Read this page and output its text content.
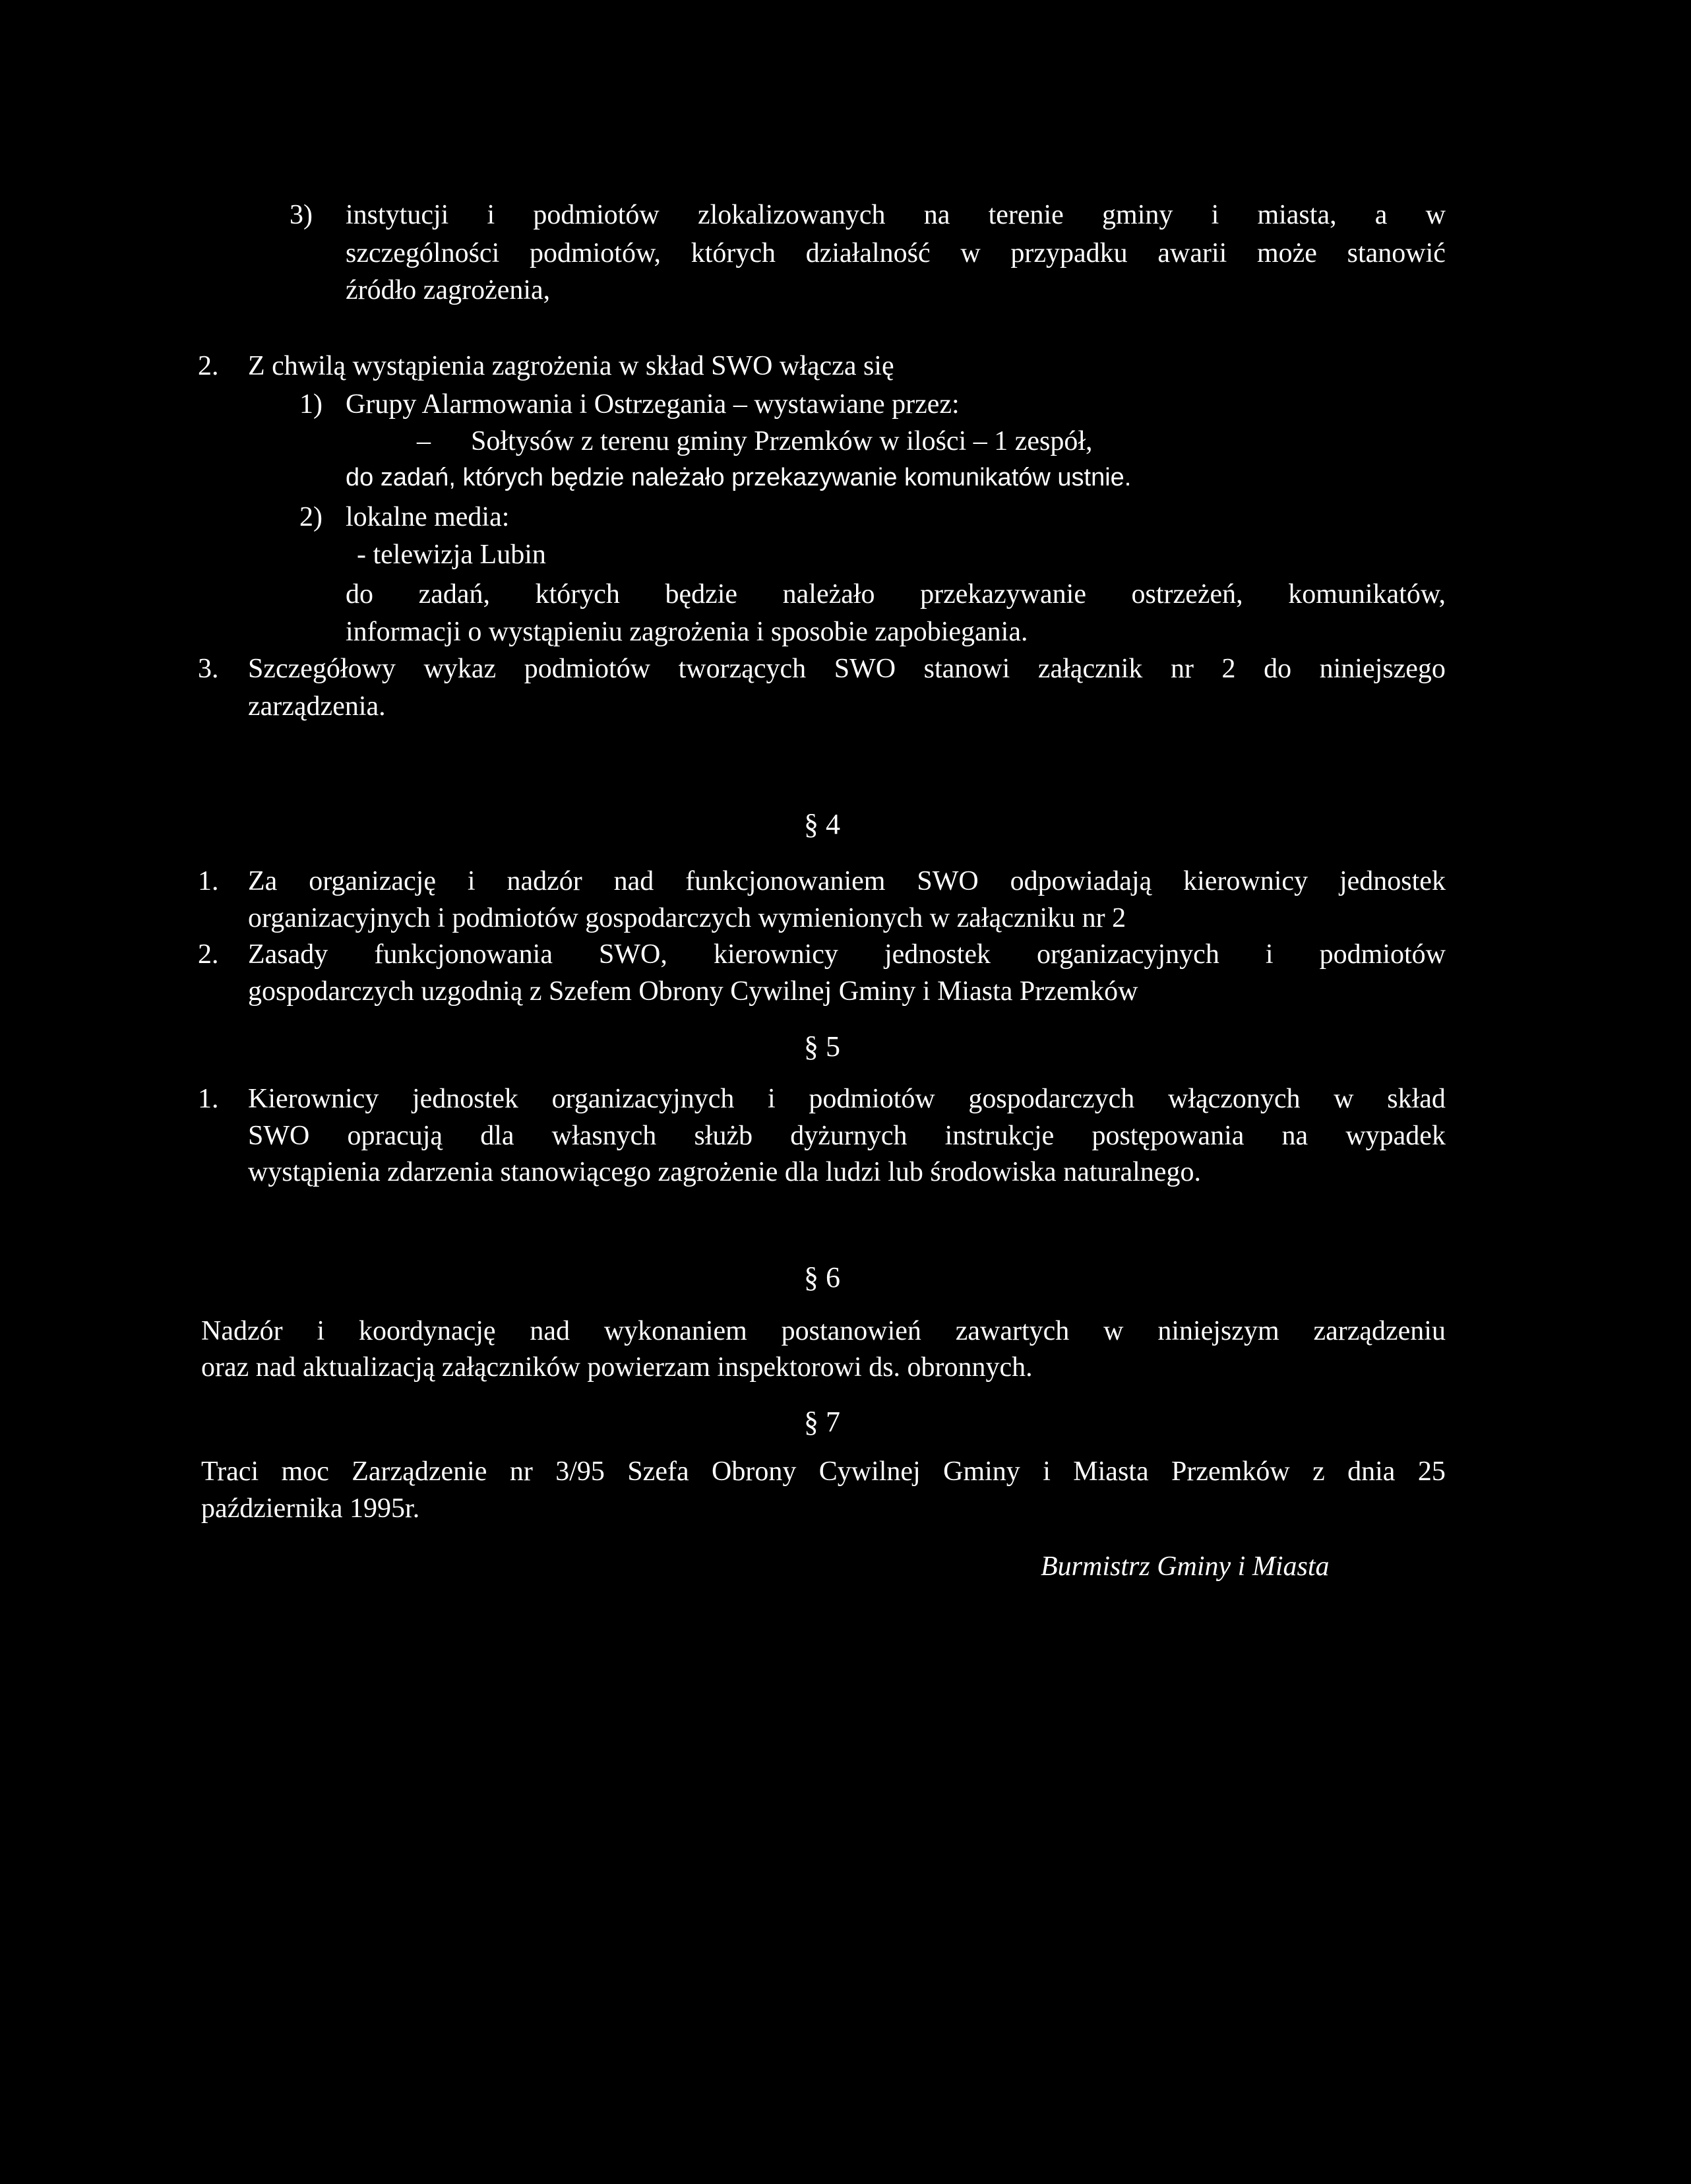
3) instytucji i podmiotów zlokalizowanych na terenie gminy i miasta, a w
szczególności podmiotów, których działalność w przypadku awarii może stanowić
źródło zagrożenia,
2. Z chwilą wystąpienia zagrożenia w skład SWO włącza się
1) Grupy Alarmowania i Ostrzegania – wystawiane przez:
– Sołtysów z terenu gminy Przemków w ilości – 1 zespół,
do zadań, których będzie należało przekazywanie komunikatów ustnie.
2) lokalne media:
- telewizja Lubin
do zadań, których będzie należało przekazywanie ostrzeżeń, komunikatów,
informacji o wystąpieniu zagrożenia i sposobie zapobiegania.
3. Szczegółowy wykaz podmiotów tworzących SWO stanowi załącznik nr 2 do niniejszego
zarządzenia.
§ 4
1. Za organizację i nadzór nad funkcjonowaniem SWO odpowiadają kierownicy jednostek
organizacyjnych i podmiotów gospodarczych wymienionych w załączniku nr 2
2. Zasady funkcjonowania SWO, kierownicy jednostek organizacyjnych i podmiotów
gospodarczych uzgodnią z Szefem Obrony Cywilnej Gminy i Miasta Przemków
§ 5
1. Kierownicy jednostek organizacyjnych i podmiotów gospodarczych włączonych w skład
SWO opracują dla własnych służb dyżurnych instrukcje postępowania na wypadek
wystąpienia zdarzenia stanowiącego zagrożenie dla ludzi lub środowiska naturalnego.
§ 6
Nadzór i koordynację nad wykonaniem postanowień zawartych w niniejszym zarządzeniu
oraz nad aktualizacją załączników powierzam inspektorowi ds. obronnych.
§ 7
Traci moc Zarządzenie nr 3/95 Szefa Obrony Cywilnej Gminy i Miasta Przemków z dnia 25
października 1995r.
Burmistrz Gminy i Miasta
